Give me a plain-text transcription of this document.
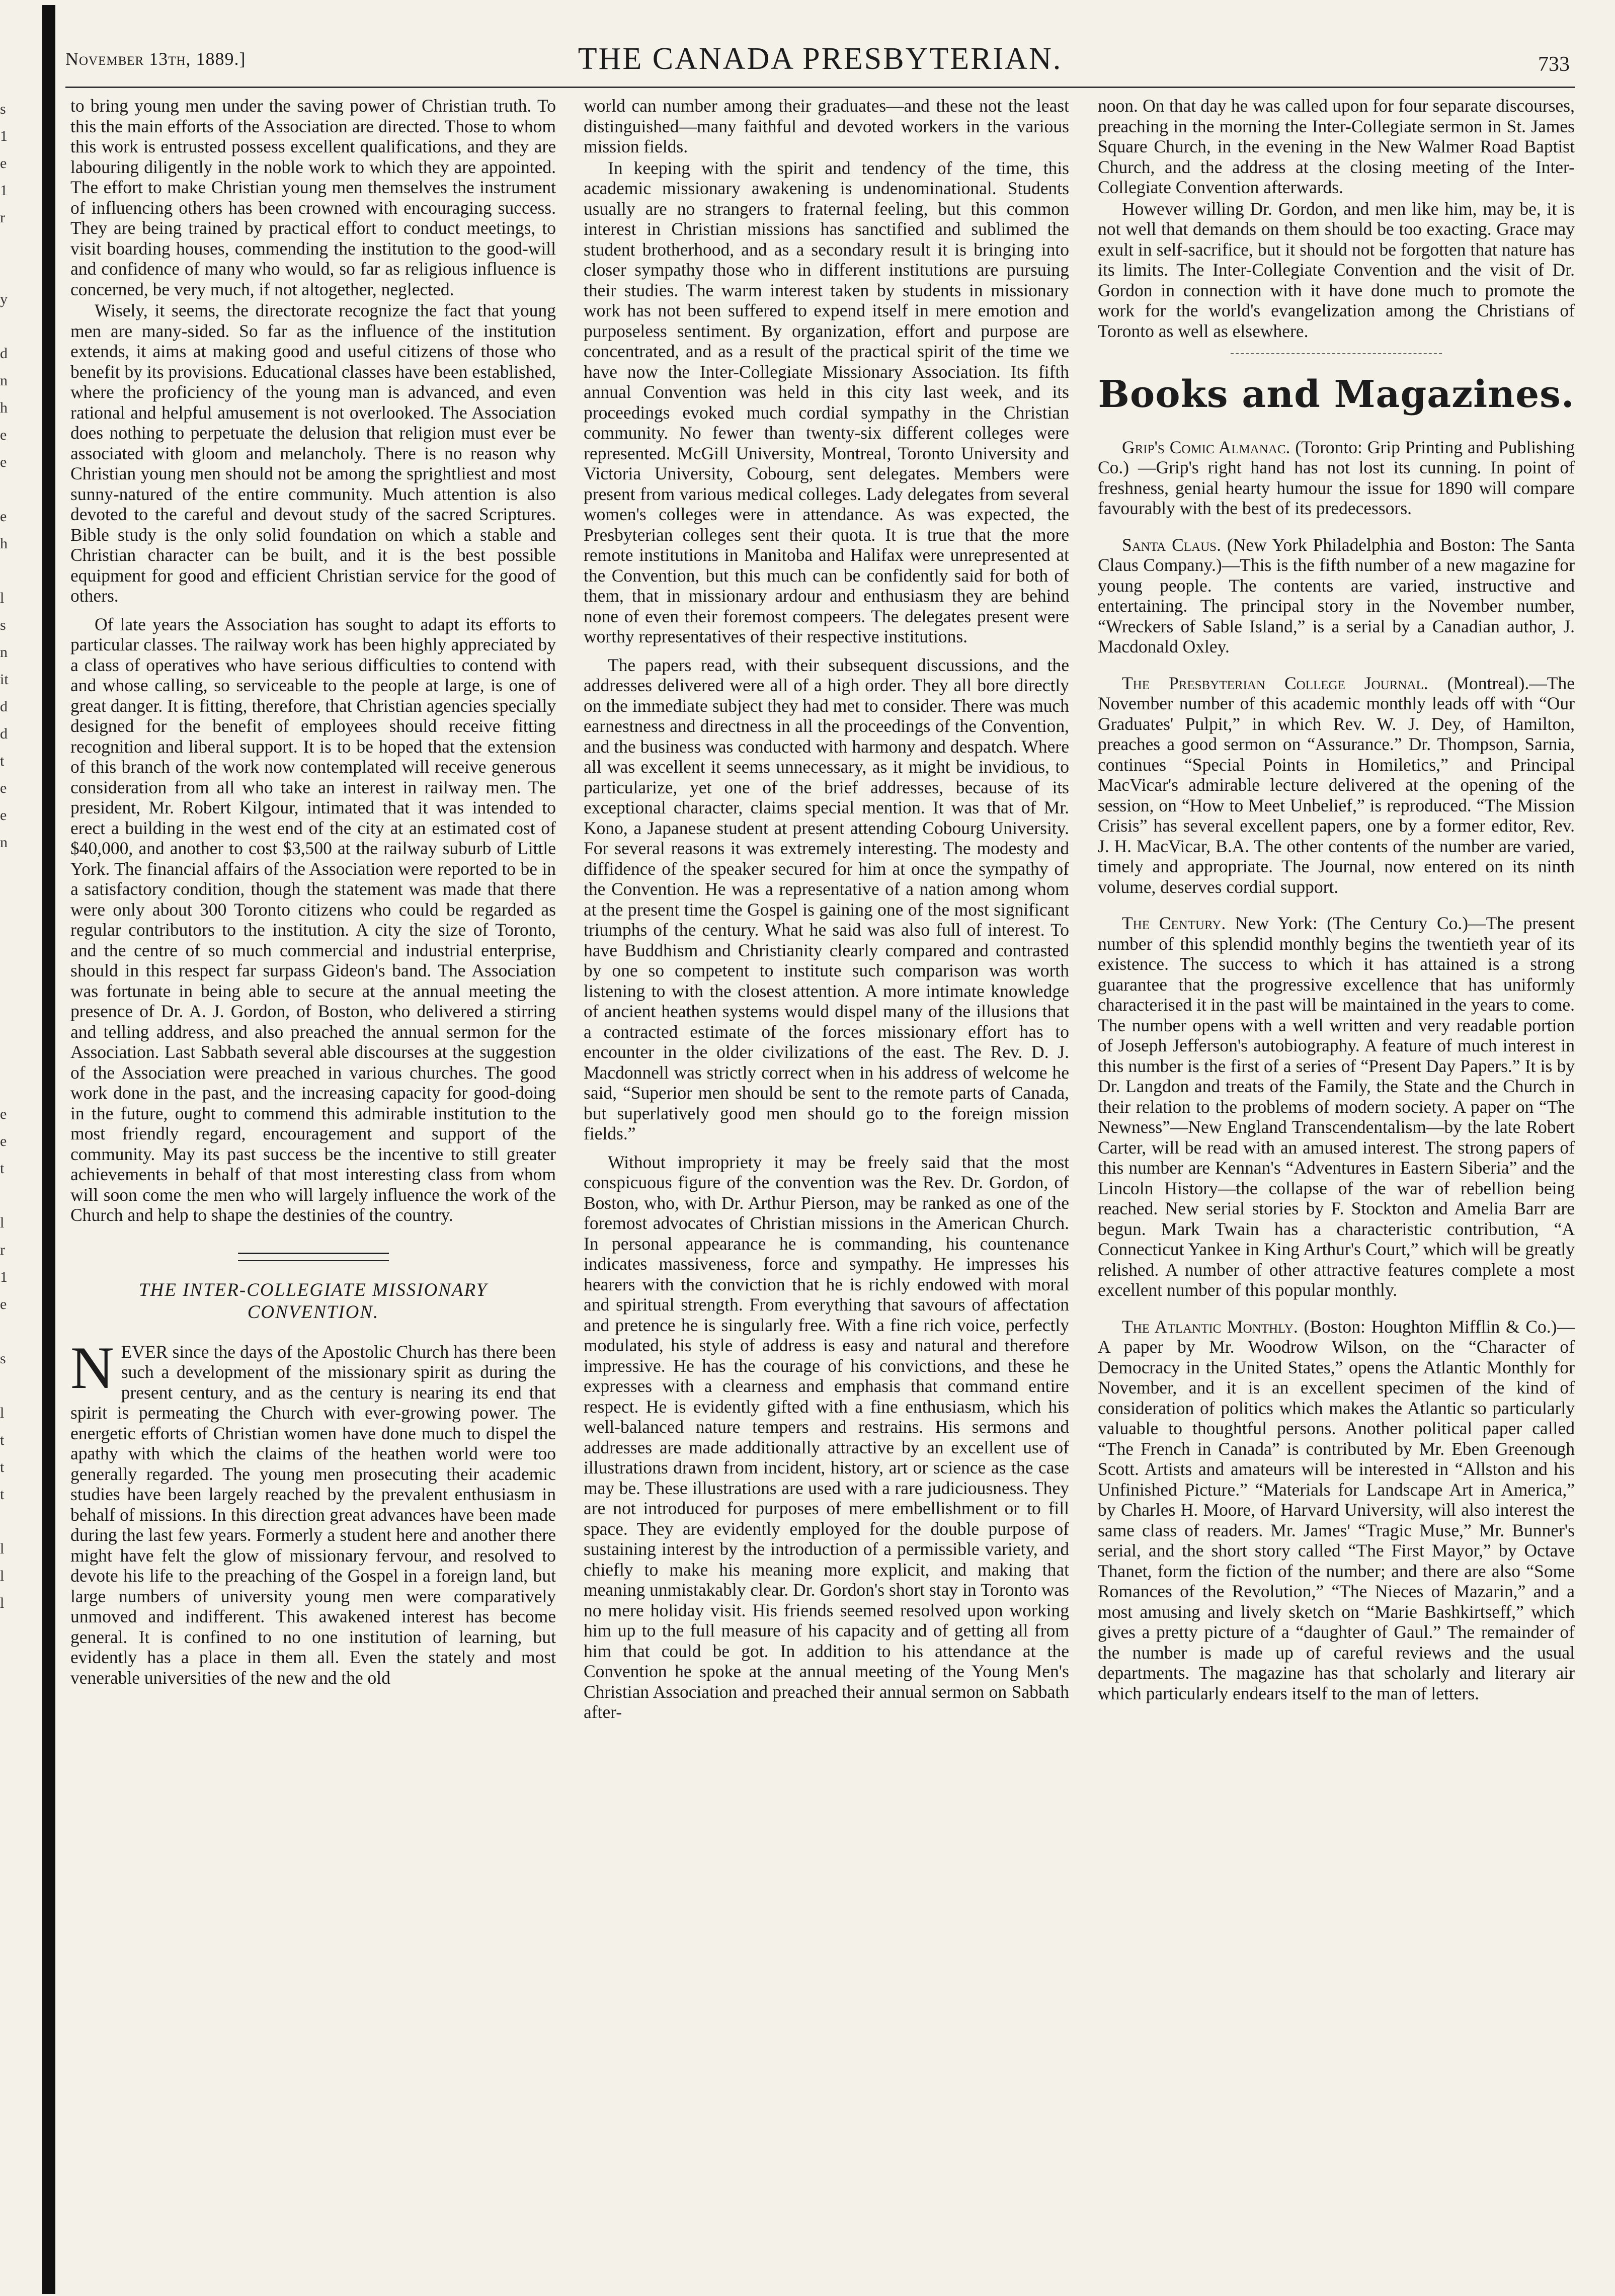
s
1
e
1
r
y
d
n
h
e
e
e
h
l
s
n
it
d
d
t
e
e
n
e
e
t
l
r
1
e
s
l
t
t
t
l
l
l
November 13th, 1889.]	THE CANADA PRESBYTERIAN.	733

to bring young men under the saving power of Christian truth. To this the main efforts of the Association are directed. Those to whom this work is entrusted possess excellent qualifications, and they are labouring diligently in the noble work to which they are appointed. The effort to make Christian young men themselves the instrument of influencing others has been crowned with encouraging success. They are being trained by practical effort to conduct meetings, to visit boarding houses, commending the institution to the good-will and confidence of many who would, so far as religious influence is concerned, be very much, if not altogether, neglected.

Wisely, it seems, the directorate recognize the fact that young men are many-sided. So far as the influence of the institution extends, it aims at making good and useful citizens of those who benefit by its provisions. Educational classes have been established, where the proficiency of the young man is advanced, and even rational and helpful amusement is not overlooked. The Association does nothing to perpetuate the delusion that religion must ever be associated with gloom and melancholy. There is no reason why Christian young men should not be among the sprightliest and most sunny-natured of the entire community. Much attention is also devoted to the careful and devout study of the sacred Scriptures. Bible study is the only solid foundation on which a stable and Christian character can be built, and it is the best possible equipment for good and efficient Christian service for the good of others.

Of late years the Association has sought to adapt its efforts to particular classes. The railway work has been highly appreciated by a class of operatives who have serious difficulties to contend with and whose calling, so serviceable to the people at large, is one of great danger. It is fitting, therefore, that Christian agencies specially designed for the benefit of employees should receive fitting recognition and liberal support. It is to be hoped that the extension of this branch of the work now contemplated will receive generous consideration from all who take an interest in railway men. The president, Mr. Robert Kilgour, intimated that it was intended to erect a building in the west end of the city at an estimated cost of $40,000, and another to cost $3,500 at the railway suburb of Little York. The financial affairs of the Association were reported to be in a satisfactory condition, though the statement was made that there were only about 300 Toronto citizens who could be regarded as regular contributors to the institution. A city the size of Toronto, and the centre of so much commercial and industrial enterprise, should in this respect far surpass Gideon's band. The Association was fortunate in being able to secure at the annual meeting the presence of Dr. A. J. Gordon, of Boston, who delivered a stirring and telling address, and also preached the annual sermon for the Association. Last Sabbath several able discourses at the suggestion of the Association were preached in various churches. The good work done in the past, and the increasing capacity for good-doing in the future, ought to commend this admirable institution to the most friendly regard, encouragement and support of the community. May its past success be the incentive to still greater achievements in behalf of that most interesting class from whom will soon come the men who will largely influence the work of the Church and help to shape the destinies of the country.

THE INTER-COLLEGIATE MISSIONARY
CONVENTION.

NEVER since the days of the Apostolic Church has there been such a development of the missionary spirit as during the present century, and as the century is nearing its end that spirit is permeating the Church with ever-growing power. The energetic efforts of Christian women have done much to dispel the apathy with which the claims of the heathen world were too generally regarded. The young men prosecuting their academic studies have been largely reached by the prevalent enthusiasm in behalf of missions. In this direction great advances have been made during the last few years. Formerly a student here and another there might have felt the glow of missionary fervour, and resolved to devote his life to the preaching of the Gospel in a foreign land, but large numbers of university young men were comparatively unmoved and indifferent. This awakened interest has become general. It is confined to no one institution of learning, but evidently has a place in them all. Even the stately and most venerable universities of the new and the old

world can number among their graduates—and these not the least distinguished—many faithful and devoted workers in the various mission fields.

In keeping with the spirit and tendency of the time, this academic missionary awakening is undenominational. Students usually are no strangers to fraternal feeling, but this common interest in Christian missions has sanctified and sublimed the student brotherhood, and as a secondary result it is bringing into closer sympathy those who in different institutions are pursuing their studies. The warm interest taken by students in missionary work has not been suffered to expend itself in mere emotion and purposeless sentiment. By organization, effort and purpose are concentrated, and as a result of the practical spirit of the time we have now the Inter-Collegiate Missionary Association. Its fifth annual Convention was held in this city last week, and its proceedings evoked much cordial sympathy in the Christian community. No fewer than twenty-six different colleges were represented. McGill University, Montreal, Toronto University and Victoria University, Cobourg, sent delegates. Members were present from various medical colleges. Lady delegates from several women's colleges were in attendance. As was expected, the Presbyterian colleges sent their quota. It is true that the more remote institutions in Manitoba and Halifax were unrepresented at the Convention, but this much can be confidently said for both of them, that in missionary ardour and enthusiasm they are behind none of even their foremost compeers. The delegates present were worthy representatives of their respective institutions.

The papers read, with their subsequent discussions, and the addresses delivered were all of a high order. They all bore directly on the immediate subject they had met to consider. There was much earnestness and directness in all the proceedings of the Convention, and the business was conducted with harmony and despatch. Where all was excellent it seems unnecessary, as it might be invidious, to particularize, yet one of the brief addresses, because of its exceptional character, claims special mention. It was that of Mr. Kono, a Japanese student at present attending Cobourg University. For several reasons it was extremely interesting. The modesty and diffidence of the speaker secured for him at once the sympathy of the Convention. He was a representative of a nation among whom at the present time the Gospel is gaining one of the most significant triumphs of the century. What he said was also full of interest. To have Buddhism and Christianity clearly compared and contrasted by one so competent to institute such comparison was worth listening to with the closest attention. A more intimate knowledge of ancient heathen systems would dispel many of the illusions that a contracted estimate of the forces missionary effort has to encounter in the older civilizations of the east. The Rev. D. J. Macdonnell was strictly correct when in his address of welcome he said, “Superior men should be sent to the remote parts of Canada, but superlatively good men should go to the foreign mission fields.”

Without impropriety it may be freely said that the most conspicuous figure of the convention was the Rev. Dr. Gordon, of Boston, who, with Dr. Arthur Pierson, may be ranked as one of the foremost advocates of Christian missions in the American Church. In personal appearance he is commanding, his countenance indicates massiveness, force and sympathy. He impresses his hearers with the conviction that he is richly endowed with moral and spiritual strength. From everything that savours of affectation and pretence he is singularly free. With a fine rich voice, perfectly modulated, his style of address is easy and natural and therefore impressive. He has the courage of his convictions, and these he expresses with a clearness and emphasis that command entire respect. He is evidently gifted with a fine enthusiasm, which his well-balanced nature tempers and restrains. His sermons and addresses are made additionally attractive by an excellent use of illustrations drawn from incident, history, art or science as the case may be. These illustrations are used with a rare judiciousness. They are not introduced for purposes of mere embellishment or to fill space. They are evidently employed for the double purpose of sustaining interest by the introduction of a permissible variety, and chiefly to make his meaning more explicit, and making that meaning unmistakably clear. Dr. Gordon's short stay in Toronto was no mere holiday visit. His friends seemed resolved upon working him up to the full measure of his capacity and of getting all from him that could be got. In addition to his attendance at the Convention he spoke at the annual meeting of the Young Men's Christian Association and preached their annual sermon on Sabbath after-

noon. On that day he was called upon for four separate discourses, preaching in the morning the Inter-Collegiate sermon in St. James Square Church, in the evening in the New Walmer Road Baptist Church, and the address at the closing meeting of the Inter-Collegiate Convention afterwards.

However willing Dr. Gordon, and men like him, may be, it is not well that demands on them should be too exacting. Grace may exult in self-sacrifice, but it should not be forgotten that nature has its limits. The Inter-Collegiate Convention and the visit of Dr. Gordon in connection with it have done much to promote the work for the world's evangelization among the Christians of Toronto as well as elsewhere.

Books and Magazines.

Grip's Comic Almanac. (Toronto: Grip Printing and Publishing Co.) —Grip's right hand has not lost its cunning. In point of freshness, genial hearty humour the issue for 1890 will compare favourably with the best of its predecessors.

Santa Claus. (New York Philadelphia and Boston: The Santa Claus Company.)—This is the fifth number of a new magazine for young people. The contents are varied, instructive and entertaining. The principal story in the November number, “Wreckers of Sable Island,” is a serial by a Canadian author, J. Macdonald Oxley.

The Presbyterian College Journal. (Montreal).—The November number of this academic monthly leads off with “Our Graduates' Pulpit,” in which Rev. W. J. Dey, of Hamilton, preaches a good sermon on “Assurance.” Dr. Thompson, Sarnia, continues “Special Points in Homiletics,” and Principal MacVicar's admirable lecture delivered at the opening of the session, on “How to Meet Unbelief,” is reproduced. “The Mission Crisis” has several excellent papers, one by a former editor, Rev. J. H. MacVicar, B.A. The other contents of the number are varied, timely and appropriate. The Journal, now entered on its ninth volume, deserves cordial support.

The Century. New York: (The Century Co.)—The present number of this splendid monthly begins the twentieth year of its existence. The success to which it has attained is a strong guarantee that the progressive excellence that has uniformly characterised it in the past will be maintained in the years to come. The number opens with a well written and very readable portion of Joseph Jefferson's autobiography. A feature of much interest in this number is the first of a series of “Present Day Papers.” It is by Dr. Langdon and treats of the Family, the State and the Church in their relation to the problems of modern society. A paper on “The Newness”—New England Transcendentalism—by the late Robert Carter, will be read with an amused interest. The strong papers of this number are Kennan's “Adventures in Eastern Siberia” and the Lincoln History—the collapse of the war of rebellion being reached. New serial stories by F. Stockton and Amelia Barr are begun. Mark Twain has a characteristic contribution, “A Connecticut Yankee in King Arthur's Court,” which will be greatly relished. A number of other attractive features complete a most excellent number of this popular monthly.

The Atlantic Monthly. (Boston: Houghton Mifflin & Co.)—A paper by Mr. Woodrow Wilson, on the “Character of Democracy in the United States,” opens the Atlantic Monthly for November, and it is an excellent specimen of the kind of consideration of politics which makes the Atlantic so particularly valuable to thoughtful persons. Another political paper called “The French in Canada” is contributed by Mr. Eben Greenough Scott. Artists and amateurs will be interested in “Allston and his Unfinished Picture.” “Materials for Landscape Art in America,” by Charles H. Moore, of Harvard University, will also interest the same class of readers. Mr. James' “Tragic Muse,” Mr. Bunner's serial, and the short story called “The First Mayor,” by Octave Thanet, form the fiction of the number; and there are also “Some Romances of the Revolution,” “The Nieces of Mazarin,” and a most amusing and lively sketch on “Marie Bashkirtseff,” which gives a pretty picture of a “daughter of Gaul.” The remainder of the number is made up of careful reviews and the usual departments. The magazine has that scholarly and literary air which particularly endears itself to the man of letters.
